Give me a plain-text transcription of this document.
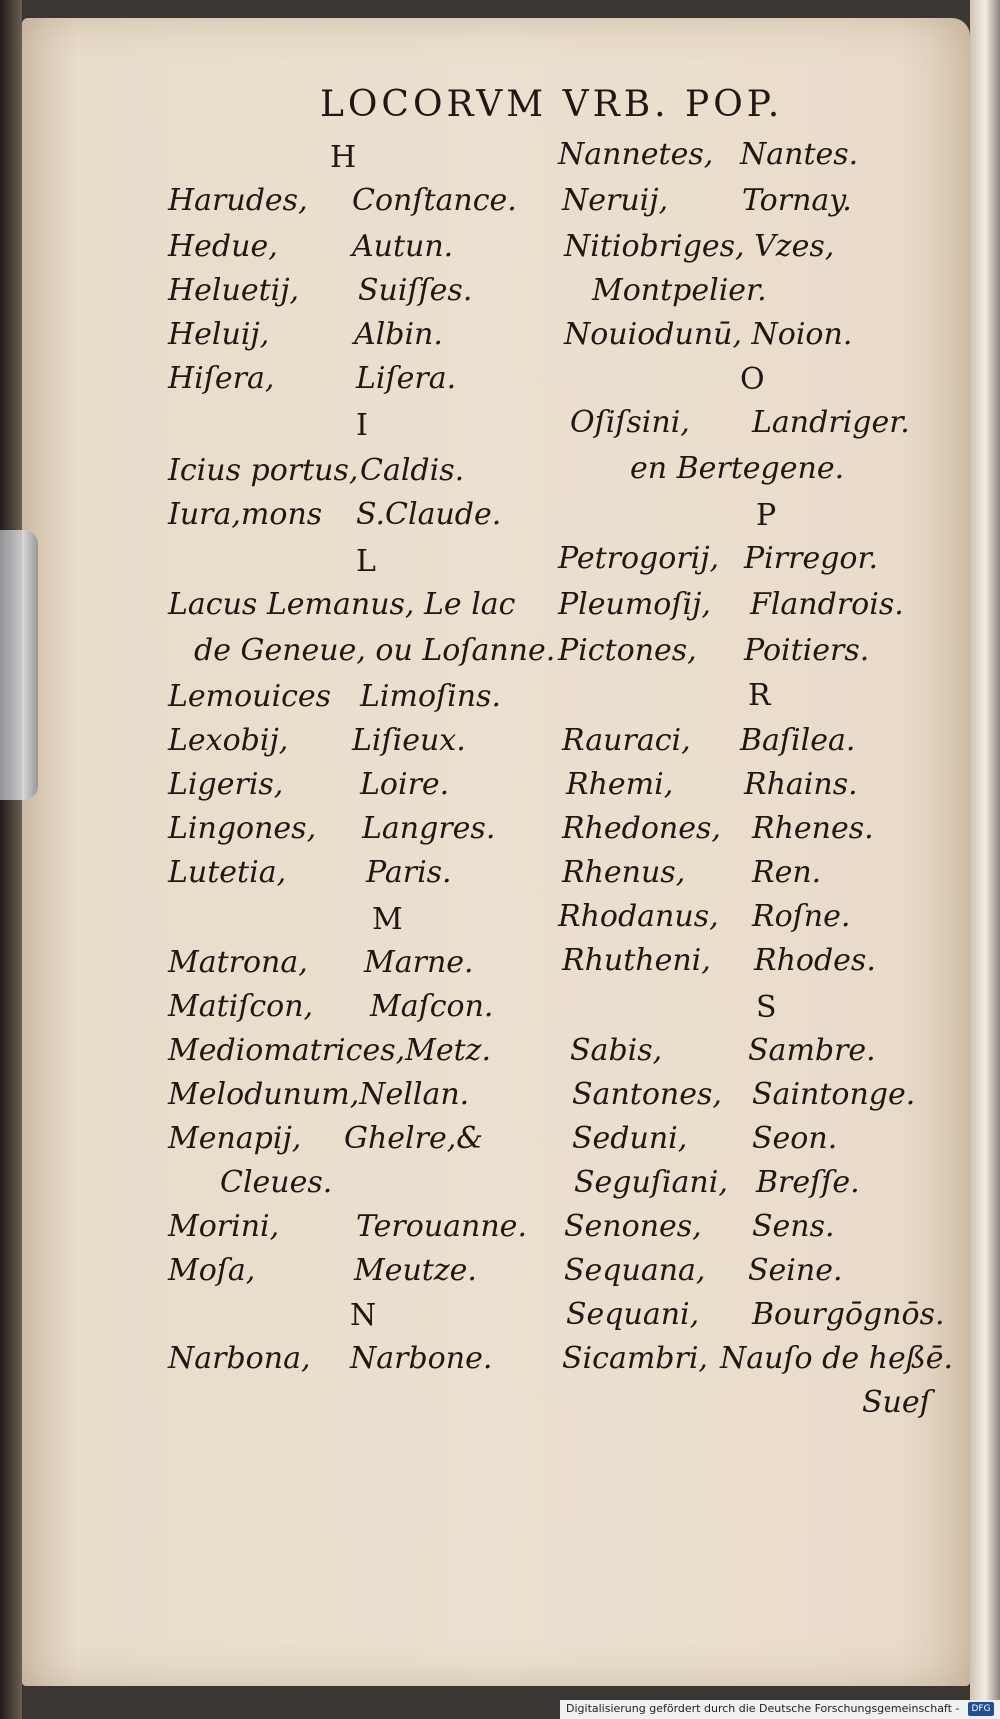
LOCORVM VRB. POP.
H
Harudes, Conſtance.
Hedue, Autun.
Heluetij, Suiſſes.
Heluij,	Albin.
Hiſera,	Liſera.
I
Icius portus, Caldis.
Iura,mons S.Claude.
L
Lacus Lemanus, Le lac
de Geneue, ou Loſanne.
Lemouices Limoſins.
Lexobij, Liſieux.
Ligeris,	Loire.
Lingones, Langres.
Lutetia,	Paris.
M
Matrona, Marne.
Matiſcon, Maſcon.
Mediomatrices,Metz.
Melodunum,Nellan.
Menapij, Ghelre,&
Cleues.
Morini,	Terouanne.
Moſa,	Meutze.
N
Narbona, Narbone.
Nannetes, Nantes.
Neruij, Tornay.
Nitiobriges, Vzes,
Montpelier.
Nouiodunū, Noion.
O
Oſiſsini, Landriger.
en Bertegene.
P
Petrogorij, Pirregor.
Pleumoſij, Flandrois.
Pictones, Poitiers.
R
Rauraci, Baſilea.
Rhemi, Rhains.
Rhedones, Rhenes.
Rhenus, Ren.
Rhodanus, Roſne.
Rhutheni, Rhodes.
S
Sabis,	Sambre.
Santones, Saintonge.
Seduni, Seon.
Seguſiani, Breſſe.
Senones, Sens.
Sequana, Seine.
Sequani, Bourgōgnōs.
Sicambri, Nauſo de heßē.
Sueſ
Digitalisierung gefördert durch die Deutsche Forschungsgemeinschaft -	DFG
